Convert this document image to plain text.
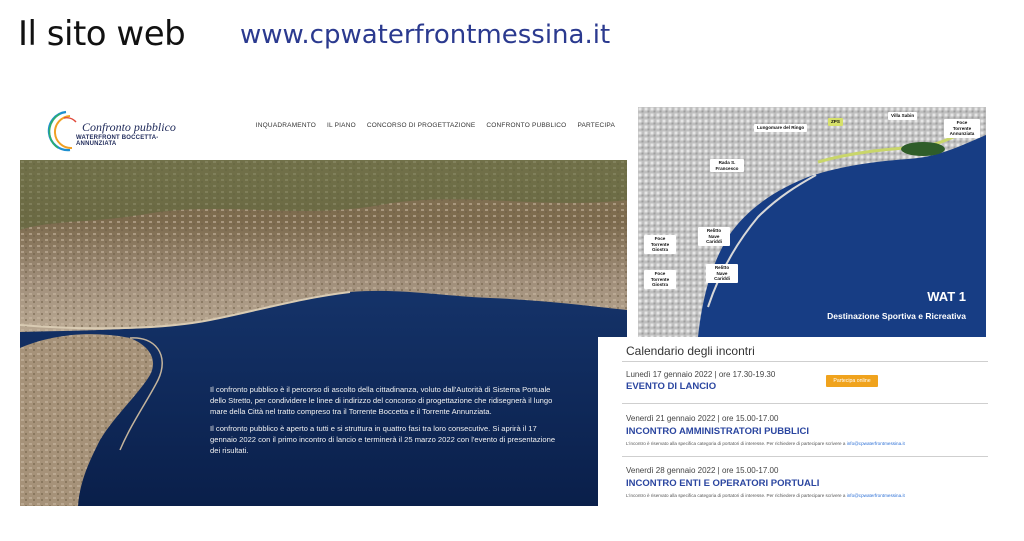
Il sito web www.cpwaterfrontmessina.it
Confronto pubblico
WATERFRONT BOCCETTA-ANNUNZIATA
INQUADRAMENTO IL PIANO CONCORSO DI PROGETTAZIONE CONFRONTO PUBBLICO PARTECIPA

Il confronto pubblico è il percorso di ascolto della cittadinanza, voluto dall'Autorità di Sistema Portuale dello Stretto, per condividere le linee di indirizzo del concorso di progettazione che ridisegnerà il lungo mare della Città nel tratto compreso tra il Torrente Boccetta e il Torrente Annunziata.

Il confronto pubblico è aperto a tutti e si struttura in quattro fasi tra loro consecutive. Si aprirà il 17 gennaio 2022 con il primo incontro di lancio e terminerà il 25 marzo 2022 con l'evento di presentazione dei risultati.

Lungomare del Ringo
ZPS
Villa Sabin
Foce Torrente Annunziata
Rada S. Francesco
Relitto Nave Cariddi
Foce Torrente Giostra
Relitto Nave Cariddi
Foce Torrente Giostra
WAT 1
Destinazione Sportiva e Ricreativa
Calendario degli incontri
Lunedì 17 gennaio 2022 | ore 17.30-19.30
EVENTO DI LANCIO	Partecipa online
Venerdì 21 gennaio 2022 | ore 15.00-17.00
INCONTRO AMMINISTRATORI PUBBLICI
L'incontro è riservato alla specifica categoria di portatori di interesse. Per richiedere di partecipare scrivere a info@cpwaterfrontmessina.it
Venerdì 28 gennaio 2022 | ore 15.00-17.00
INCONTRO ENTI E OPERATORI PORTUALI
L'incontro è riservato alla specifica categoria di portatori di interesse. Per richiedere di partecipare scrivere a info@cpwaterfrontmessina.it
